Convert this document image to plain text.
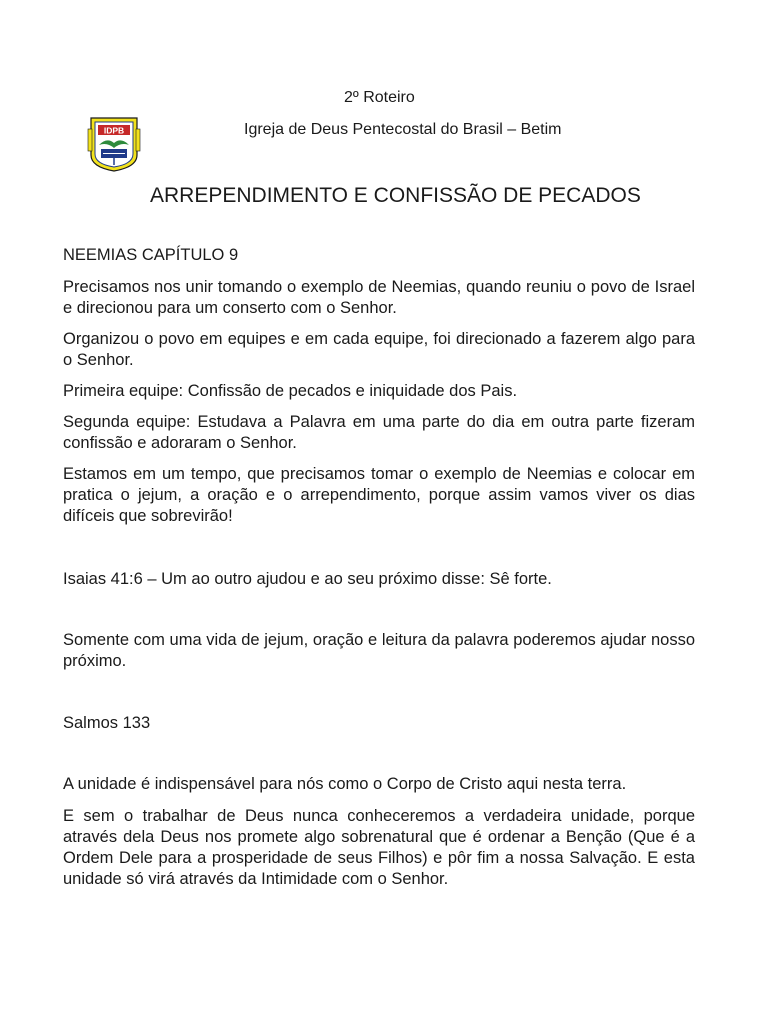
IDPB
2º Roteiro
Igreja de Deus Pentecostal do Brasil – Betim
ARREPENDIMENTO E CONFISSÃO DE PECADOS

NEEMIAS CAPÍTULO 9

Precisamos nos unir tomando o exemplo de Neemias, quando reuniu o povo de Israel e direcionou para um conserto com o Senhor.

Organizou o povo em equipes e em cada equipe, foi direcionado a fazerem algo para o Senhor.

Primeira equipe: Confissão de pecados e iniquidade dos Pais.

Segunda equipe: Estudava a Palavra em uma parte do dia em outra parte fizeram confissão e adoraram o Senhor.

Estamos em um tempo, que precisamos tomar o exemplo de Neemias e colocar em pratica o jejum, a oração e o arrependimento, porque assim vamos viver os dias difíceis que sobrevirão!

Isaias 41:6 – Um ao outro ajudou e ao seu próximo disse: Sê forte.

Somente com uma vida de jejum, oração e leitura da palavra poderemos ajudar nosso próximo.

Salmos 133

A unidade é indispensável para nós como o Corpo de Cristo aqui nesta terra.

E sem o trabalhar de Deus nunca conheceremos a verdadeira unidade, porque através dela Deus nos promete algo sobrenatural que é ordenar a Benção (Que é a Ordem Dele para a prosperidade de seus Filhos) e pôr fim a nossa Salvação. E esta unidade só virá através da Intimidade com o Senhor.
